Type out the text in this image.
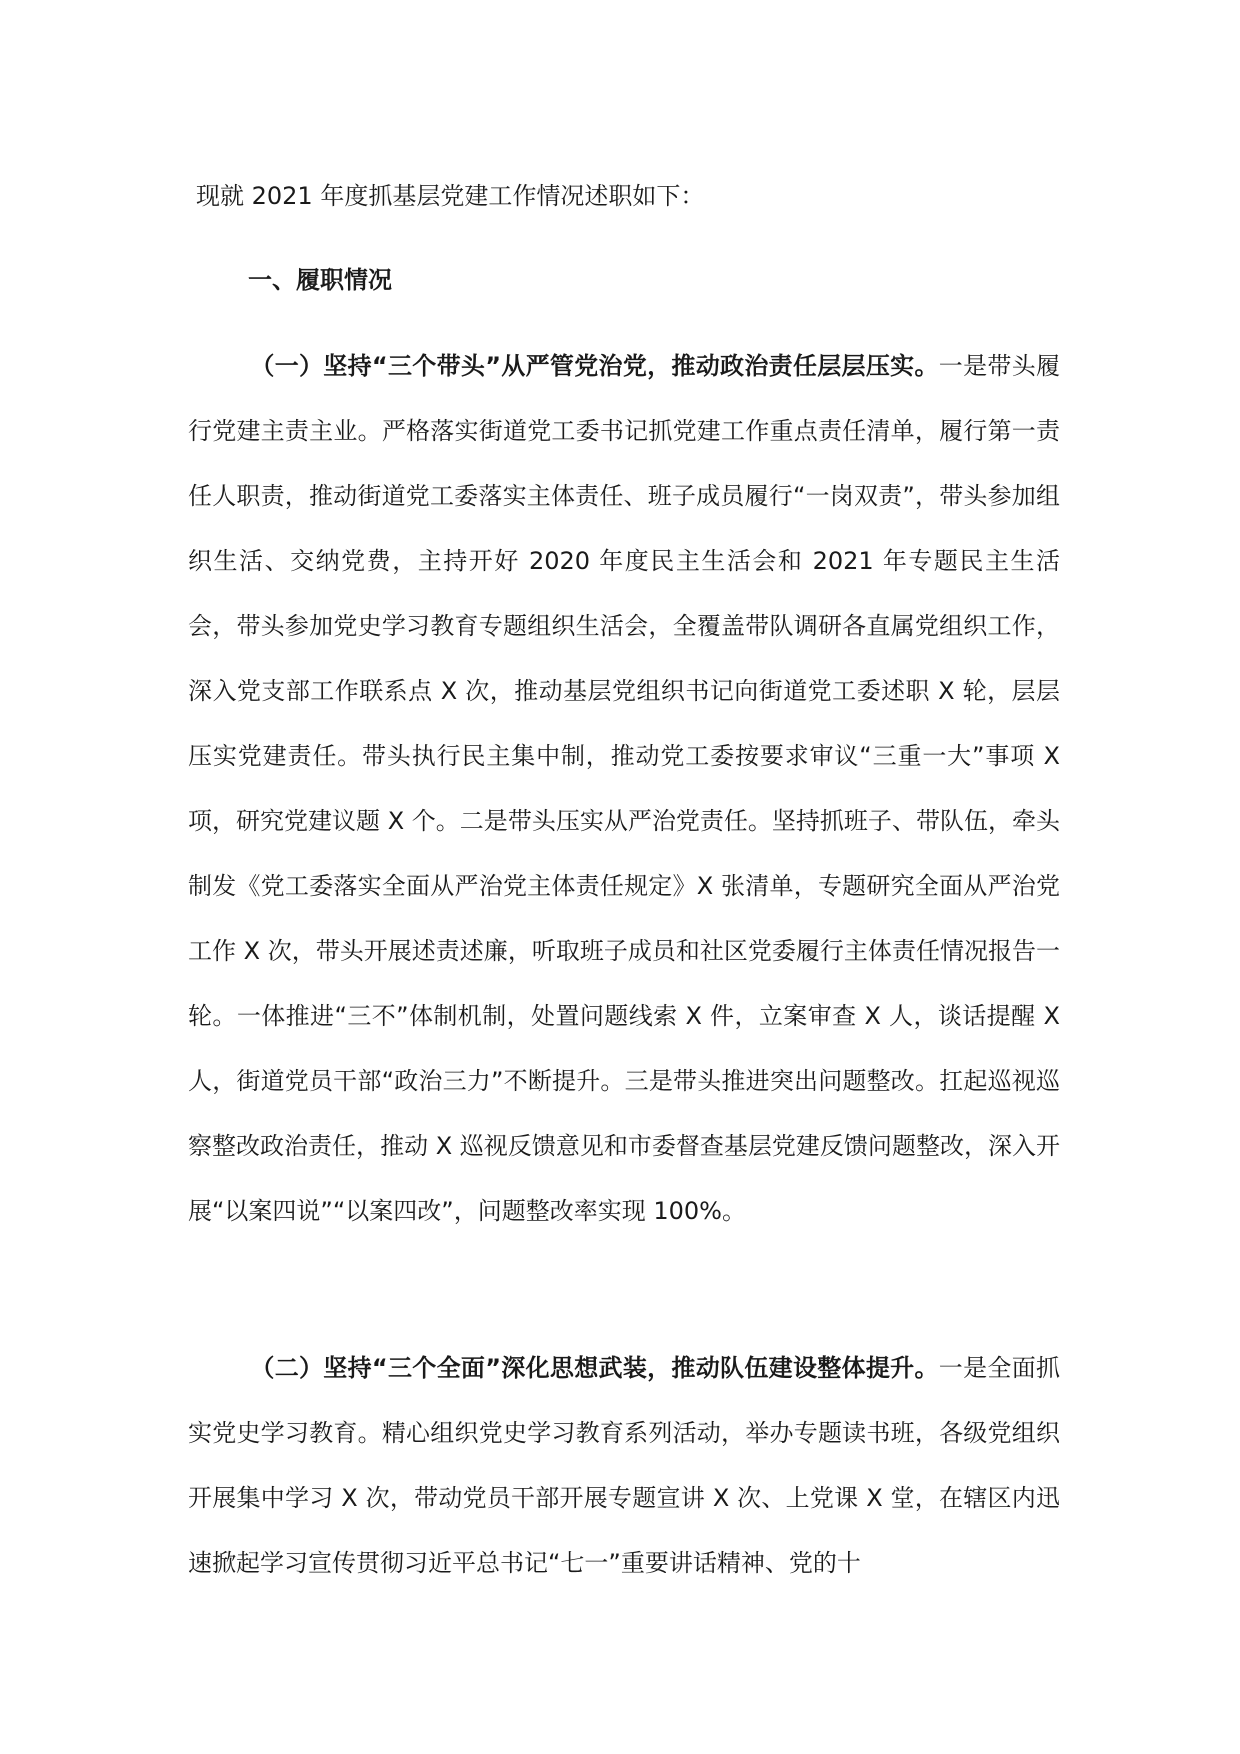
现就 2021 年度抓基层党建工作情况述职如下：
一、履职情况

（一）坚持“三个带头”从严管党治党，推动政治责任层层压实。一是带头履行党建主责主业。严格落实街道党工委书记抓党建工作重点责任清单，履行第一责任人职责，推动街道党工委落实主体责任、班子成员履行“一岗双责”，带头参加组织生活、交纳党费，主持开好 2020 年度民主生活会和 2021 年专题民主生活会，带头参加党史学习教育专题组织生活会，全覆盖带队调研各直属党组织工作，深入党支部工作联系点 X 次，推动基层党组织书记向街道党工委述职 X 轮，层层压实党建责任。带头执行民主集中制，推动党工委按要求审议“三重一大”事项 X 项，研究党建议题 X 个。二是带头压实从严治党责任。坚持抓班子、带队伍，牵头制发《党工委落实全面从严治党主体责任规定》X 张清单，专题研究全面从严治党工作 X 次，带头开展述责述廉，听取班子成员和社区党委履行主体责任情况报告一轮。一体推进“三不”体制机制，处置问题线索 X 件，立案审查 X 人，谈话提醒 X 人，街道党员干部“政治三力”不断提升。三是带头推进突出问题整改。扛起巡视巡察整改政治责任，推动 X 巡视反馈意见和市委督查基层党建反馈问题整改，深入开展“以案四说”“以案四改”，问题整改率实现 100%。

（二）坚持“三个全面”深化思想武装，推动队伍建设整体提升。一是全面抓实党史学习教育。精心组织党史学习教育系列活动，举办专题读书班，各级党组织开展集中学习 X 次，带动党员干部开展专题宣讲 X 次、上党课 X 堂，在辖区内迅速掀起学习宣传贯彻习近平总书记“七一”重要讲话精神、党的十
